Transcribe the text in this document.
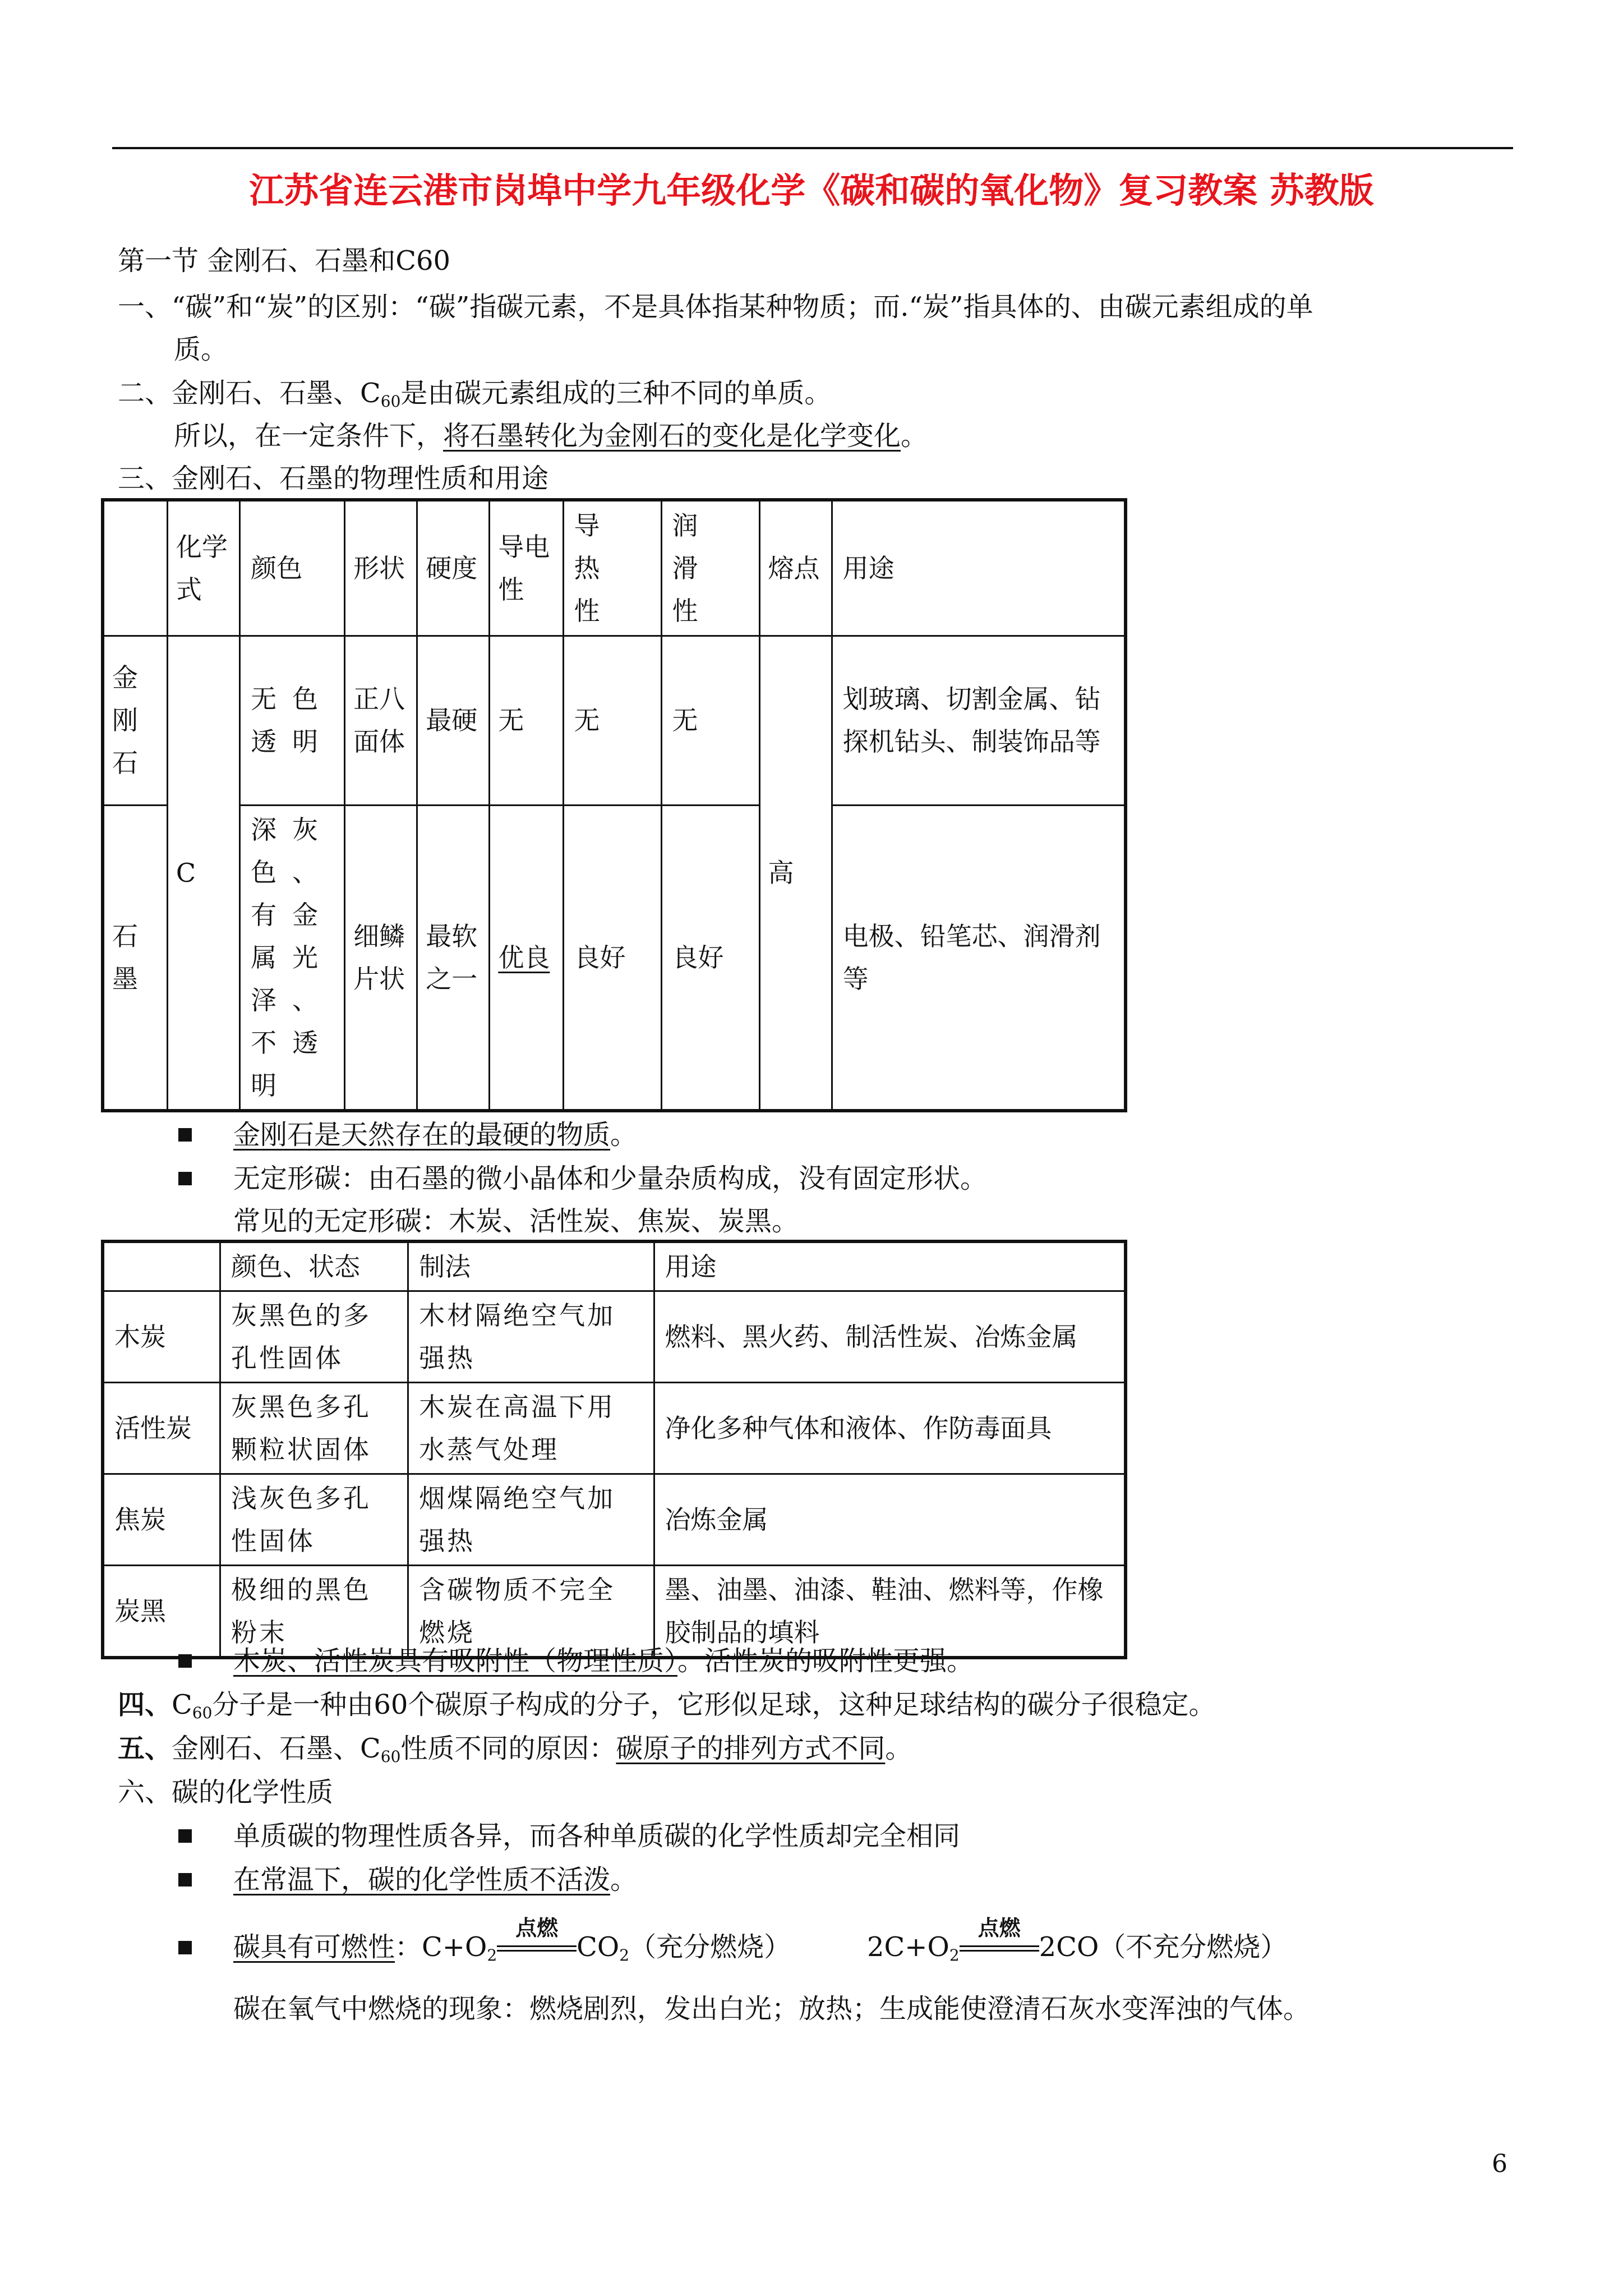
江苏省连云港市岗埠中学九年级化学《碳和碳的氧化物》复习教案 苏教版
第一节 金刚石、石墨和C60
一、“碳”和“炭”的区别：“碳”指碳元素，不是具体指某种物质；而.“炭”指具体的、由碳元素组成的单
质。
二、金刚石、石墨、$C_{60}$是由碳元素组成的三种不同的单质。
所以，在一定条件下，将石墨转化为金刚石的变化是化学变化。
三、金刚石、石墨的物理性质和用途
	化学式	颜色	形状	硬度	导电性	导热性	润滑性	熔点	用途
金刚石	C	无色透明	正八面体	最硬	无	无	无	高	划玻璃、切割金属、钻探机钻头、制装饰品等
石墨		深灰色、有金属光泽、不透明	细鳞片状	最软之一	优良	良好	良好		电极、铅笔芯、润滑剂等
金刚石是天然存在的最硬的物质。
无定形碳：由石墨的微小晶体和少量杂质构成，没有固定形状。
常见的无定形碳：木炭、活性炭、焦炭、炭黑。
	颜色、状态	制法	用途
木炭	灰黑色的多孔性固体	木材隔绝空气加强热	燃料、黑火药、制活性炭、冶炼金属
活性炭	灰黑色多孔颗粒状固体	木炭在高温下用水蒸气处理	净化多种气体和液体、作防毒面具
焦炭	浅灰色多孔性固体	烟煤隔绝空气加强热	冶炼金属
炭黑	极细的黑色粉末	含碳物质不完全燃烧	墨、油墨、油漆、鞋油、燃料等，作橡胶制品的填料
木炭、活性炭具有吸附性（物理性质）。活性炭的吸附性更强。
四、$C_{60}$分子是一种由60个碳原子构成的分子，它形似足球，这种足球结构的碳分子很稳定。
五、金刚石、石墨、$C_{60}$性质不同的原因：碳原子的排列方式不同。
六、碳的化学性质
单质碳的物理性质各异，而各种单质碳的化学性质却完全相同
在常温下，碳的化学性质不活泼。
碳具有可燃性：$C+O_2$
点燃
$CO_2$（充分燃烧）	$2C+O_2$
点燃
2CO（不充分燃烧）
碳在氧气中燃烧的现象：燃烧剧烈，发出白光；放热；生成能使澄清石灰水变浑浊的气体。
6
